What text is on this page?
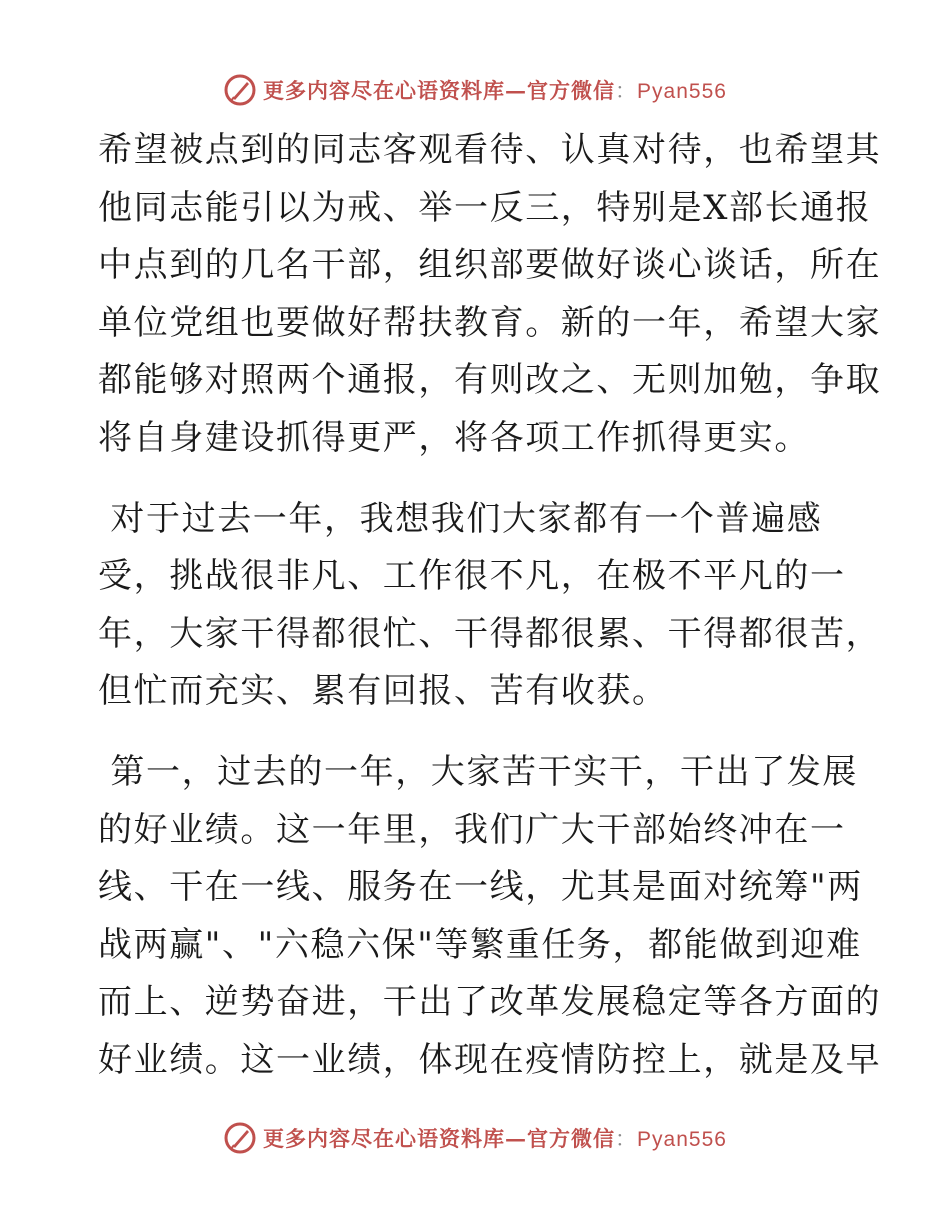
更多内容尽在心语资料库—官方微信：Pyan556

希望被点到的同志客观看待、认真对待，也希望其
他同志能引以为戒、举一反三，特别是X部长通报
中点到的几名干部，组织部要做好谈心谈话，所在
单位党组也要做好帮扶教育。新的一年，希望大家
都能够对照两个通报，有则改之、无则加勉，争取
将自身建设抓得更严，将各项工作抓得更实。

对于过去一年，我想我们大家都有一个普遍感
受，挑战很非凡、工作很不凡，在极不平凡的一
年，大家干得都很忙、干得都很累、干得都很苦，
但忙而充实、累有回报、苦有收获。

第一，过去的一年，大家苦干实干，干出了发展
的好业绩。这一年里，我们广大干部始终冲在一
线、干在一线、服务在一线，尤其是面对统筹"两
战两赢"、"六稳六保"等繁重任务，都能做到迎难
而上、逆势奋进，干出了改革发展稳定等各方面的
好业绩。这一业绩，体现在疫情防控上，就是及早

更多内容尽在心语资料库—官方微信：Pyan556
